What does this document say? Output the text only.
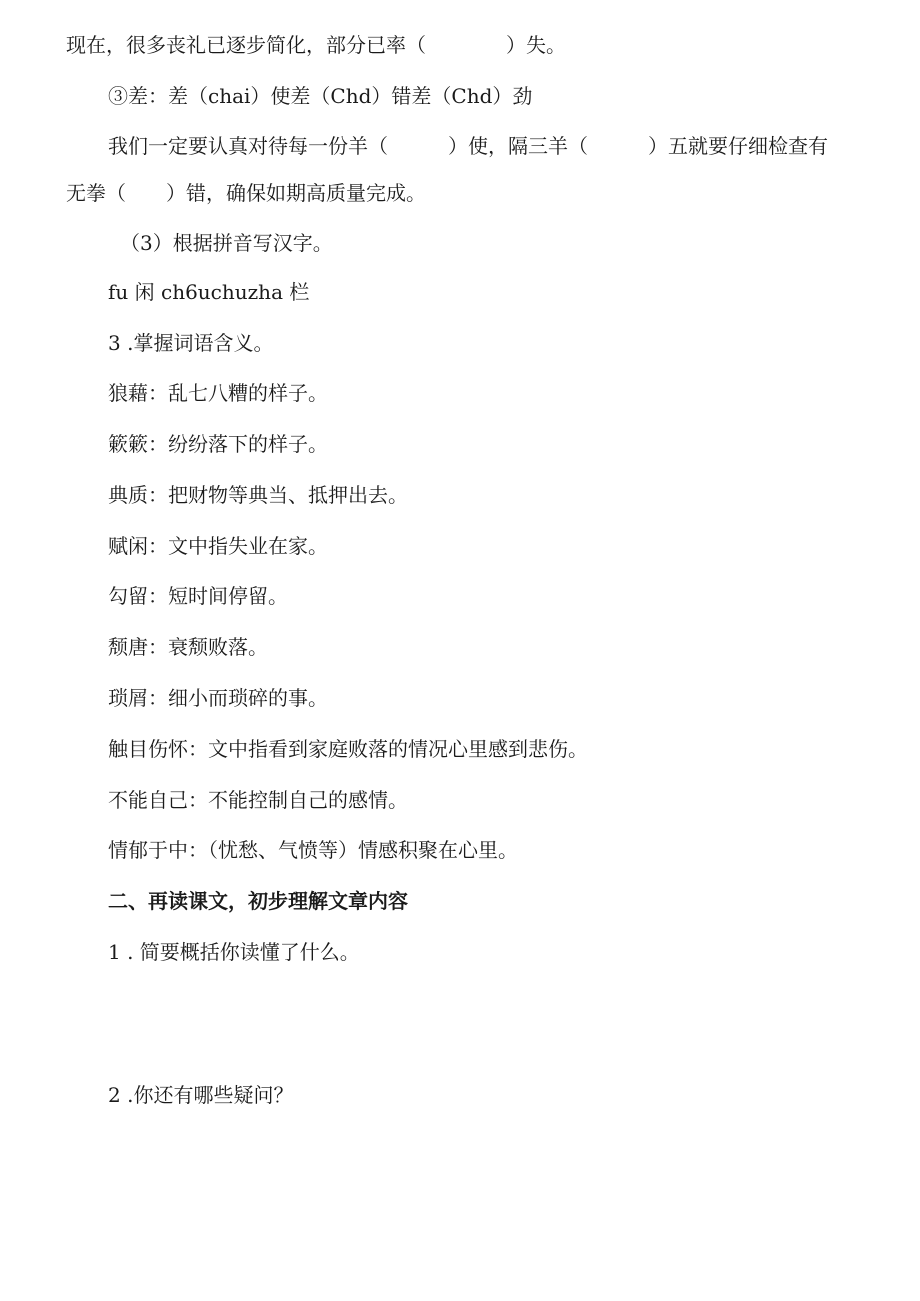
现在，很多丧礼已逐步简化，部分已率（　　　　）失。
③差：差（chai）使差（Chd）错差（Chd）劲
我们一定要认真对待每一份羊（　　　）使，隔三羊（　　　）五就要仔细检查有
无拳（　　）错，确保如期高质量完成。
（3）根据拼音写汉字。
fu 闲 ch6uchuzha 栏
3 .掌握词语含义。
狼藉：乱七八糟的样子。
簌簌：纷纷落下的样子。
典质：把财物等典当、抵押出去。
赋闲：文中指失业在家。
勾留：短时间停留。
颓唐：衰颓败落。
琐屑：细小而琐碎的事。
触目伤怀：文中指看到家庭败落的情况心里感到悲伤。
不能自己：不能控制自己的感情。
情郁于中：（忧愁、气愤等）情感积聚在心里。
二、再读课文，初步理解文章内容
1 . 简要概括你读懂了什么。
2 .你还有哪些疑问？
